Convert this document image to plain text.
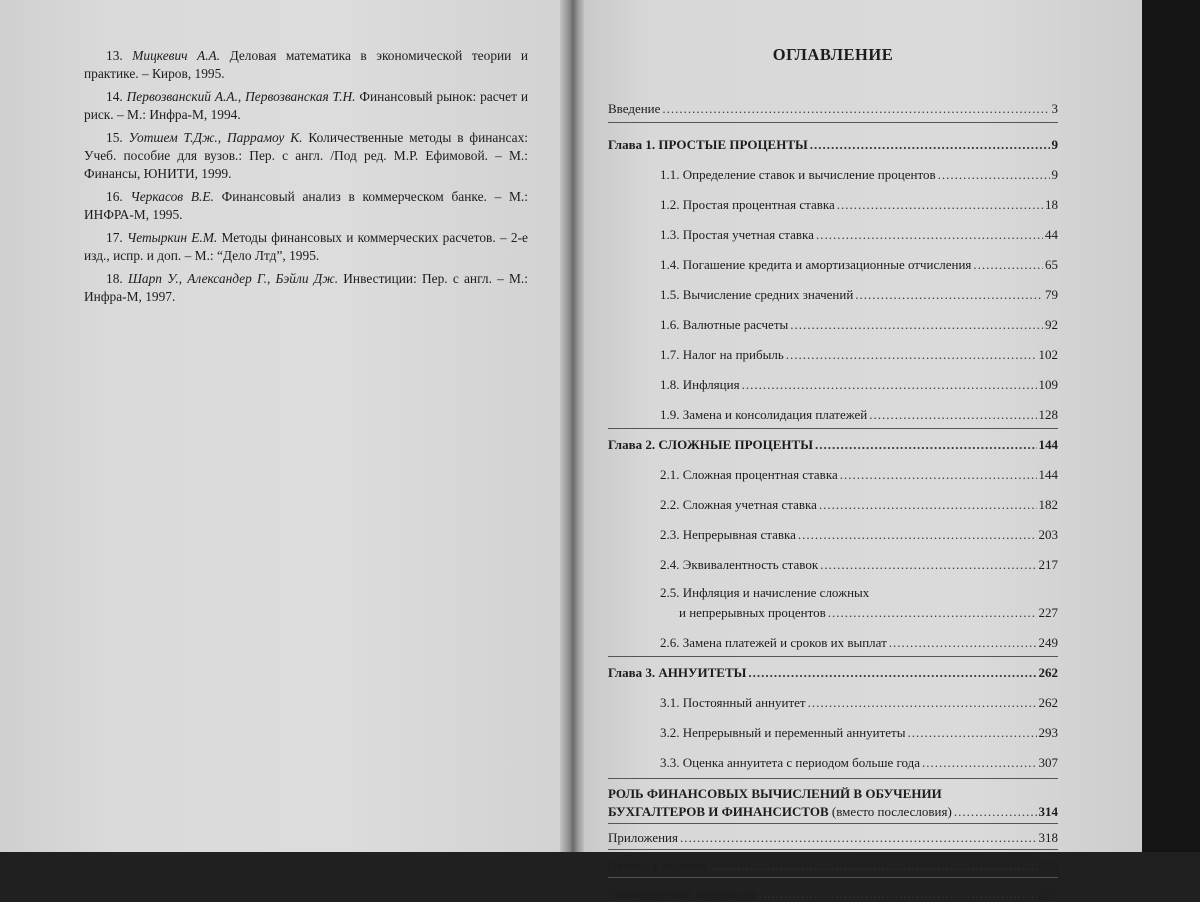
13. Мицкевич А.А. Деловая математика в экономической теории и практике. – Киров, 1995.

14. Первозванский А.А., Первозванская Т.Н. Финансовый рынок: расчет и риск. – М.: Инфра-М, 1994.

15. Уотшем Т.Дж., Паррамоу К. Количественные методы в финансах: Учеб. пособие для вузов.: Пер. с англ. /Под ред. М.Р. Ефимовой. – М.: Финансы, ЮНИТИ, 1999.

16. Черкасов В.Е. Финансовый анализ в коммерческом банке. – М.: ИНФРА-М, 1995.

17. Четыркин Е.М. Методы финансовых и коммерческих расчетов. – 2-е изд., испр. и доп. – М.: “Дело Лтд”, 1995.

18. Шарп У., Александер Г., Бэйли Дж. Инвестиции: Пер. с англ. – М.: Инфра-М, 1997.

ОГЛАВЛЕНИЕ
Введение .....	3
Глава 1. ПРОСТЫЕ ПРОЦЕНТЫ .....	9
1.1. Определение ставок и вычисление процентов .....	9
1.2. Простая процентная ставка .....	18
1.3. Простая учетная ставка .....	44
1.4. Погашение кредита и амортизационные отчисления .....	65
1.5. Вычисление средних значений .....	79
1.6. Валютные расчеты .....	92
1.7. Налог на прибыль .....	102
1.8. Инфляция .....	109
1.9. Замена и консолидация платежей .....	128
Глава 2. СЛОЖНЫЕ ПРОЦЕНТЫ .....	144
2.1. Сложная процентная ставка .....	144
2.2. Сложная учетная ставка .....	182
2.3. Непрерывная ставка .....	203
2.4. Эквивалентность ставок .....	217
2.5. Инфляция и начисление сложных
и непрерывных процентов .....	227
2.6. Замена платежей и сроков их выплат .....	249
Глава 3. АННУИТЕТЫ .....	262
3.1. Постоянный аннуитет .....	262
3.2. Непрерывный и переменный аннуитеты .....	293
3.3. Оценка аннуитета с периодом больше года .....	307
РОЛЬ ФИНАНСОВЫХ ВЫЧИСЛЕНИЙ В ОБУЧЕНИИ
БУХГАЛТЕРОВ И ФИНАНСИСТОВ (вместо послесловия) .....	314
Приложения .....	318
Ответы к задачам .....	379
Рекомендуемая литература .....	397
